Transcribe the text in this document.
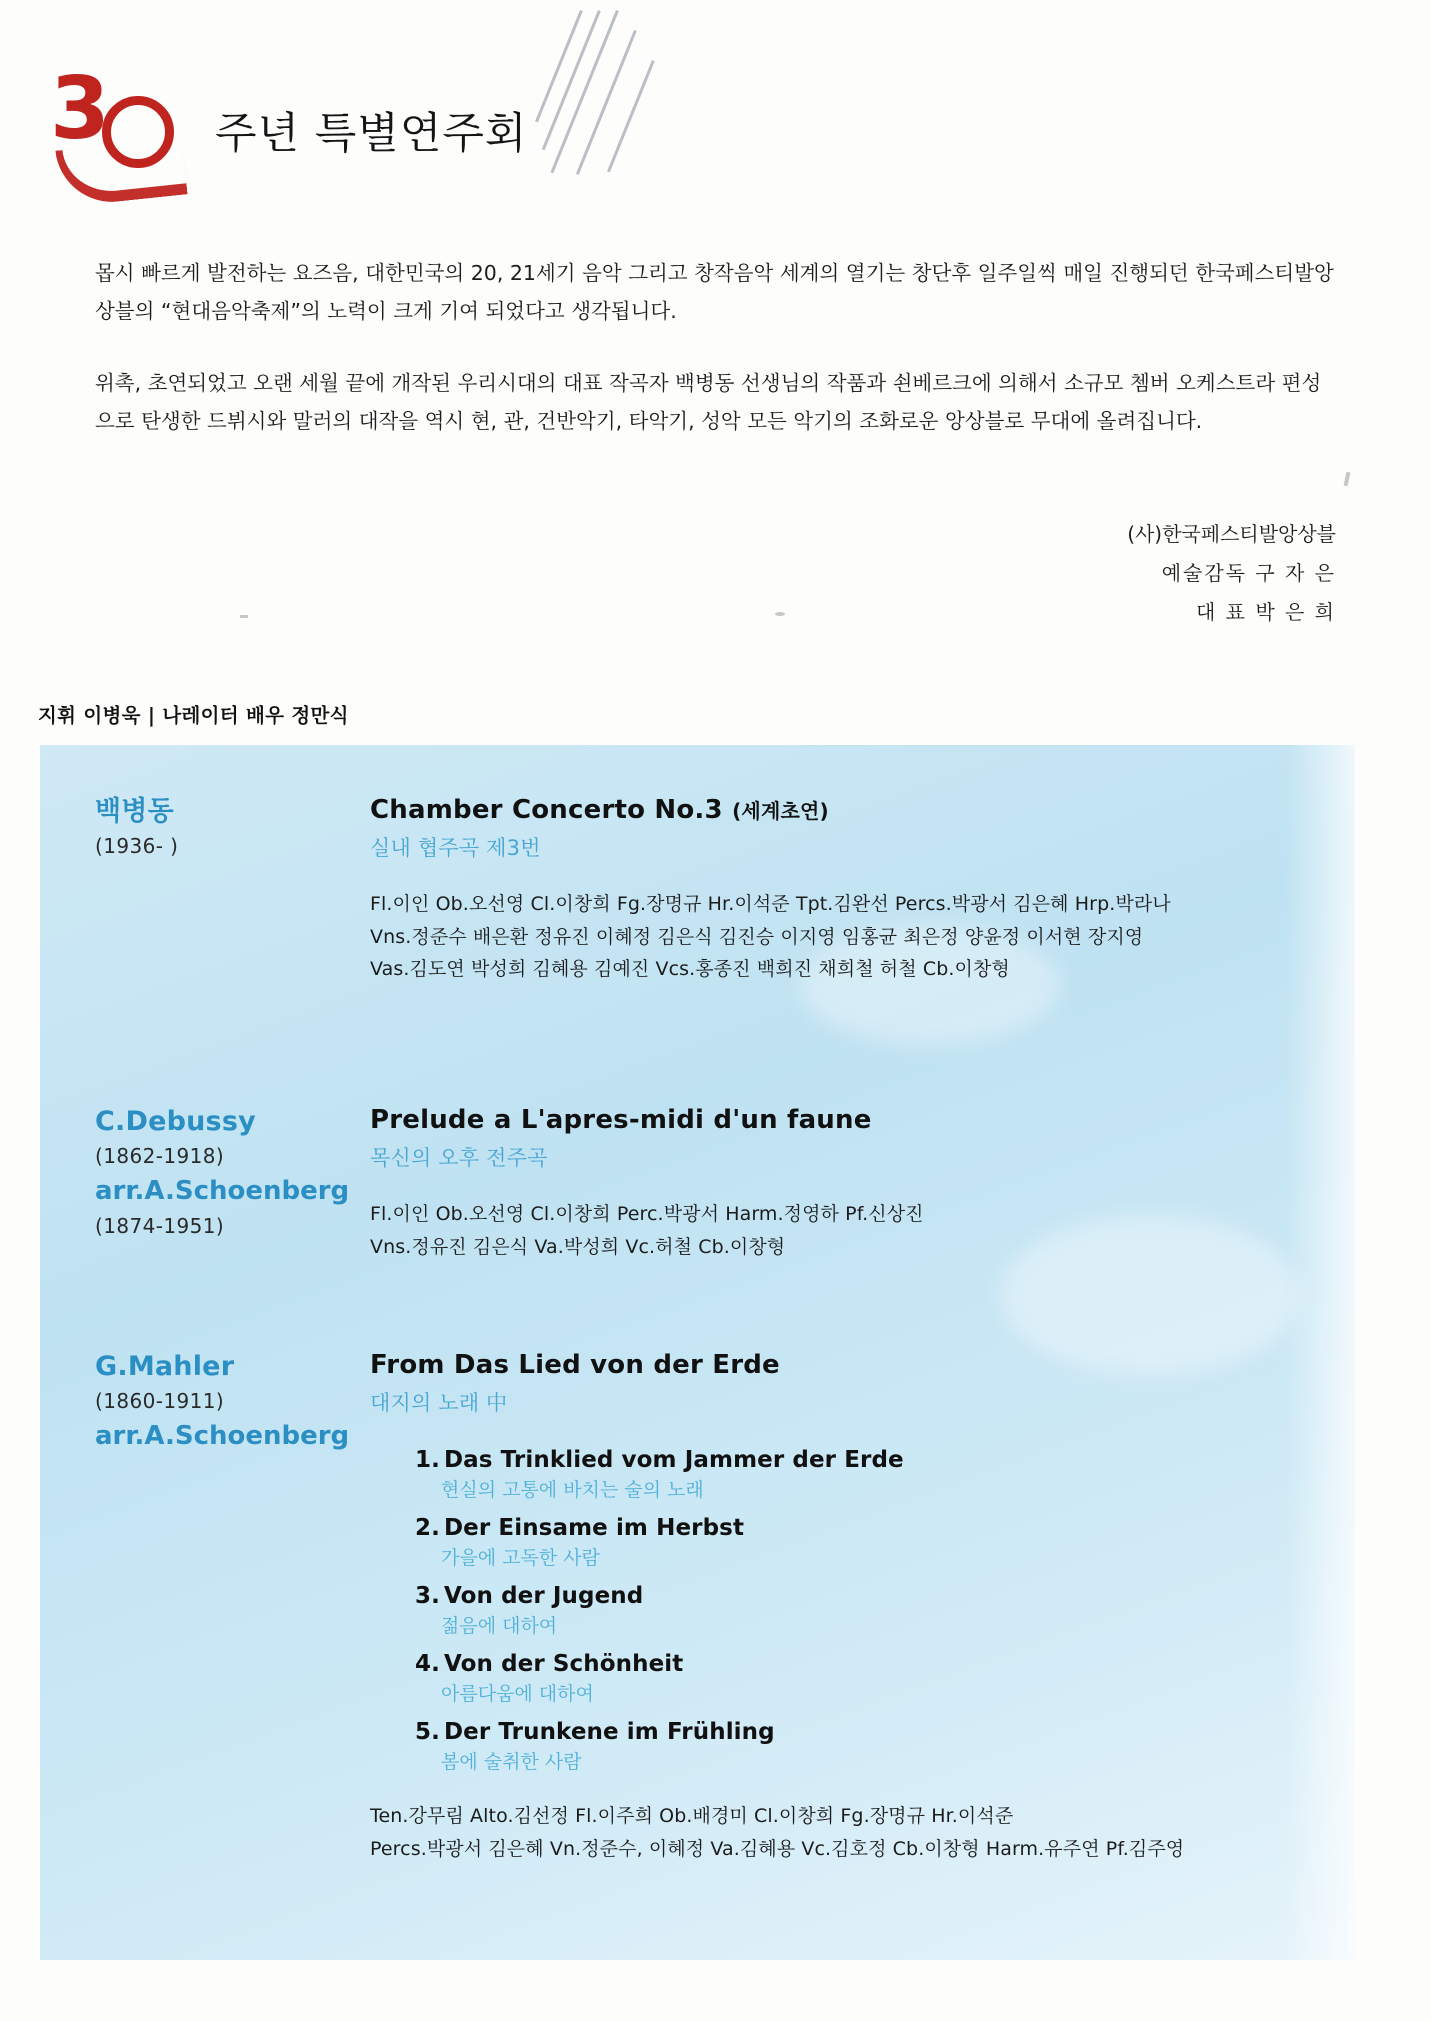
3 주년 특별연주회

몹시 빠르게 발전하는 요즈음, 대한민국의 20, 21세기 음악 그리고 창작음악 세계의 열기는 창단후 일주일씩 매일 진행되던 한국페스티발앙상블의 “현대음악축제”의 노력이 크게 기여 되었다고 생각됩니다.

위촉, 초연되었고 오랜 세월 끝에 개작된 우리시대의 대표 작곡자 백병동 선생님의 작품과 쇤베르크에 의해서 소규모 쳄버 오케스트라 편성으로 탄생한 드뷔시와 말러의 대작을 역시 현, 관, 건반악기, 타악기, 성악 모든 악기의 조화로운 앙상블로 무대에 올려집니다.

(사)한국페스티발앙상블
예술감독 구 자 은
대 표 박 은 희
지휘 이병욱 | 나레이터 배우 정만식
백병동
(1936- )
Chamber Concerto No.3 (세계초연)
실내 협주곡 제3번
Fl.이인 Ob.오선영 Cl.이창희 Fg.장명규 Hr.이석준 Tpt.김완선 Percs.박광서 김은혜 Hrp.박라나
Vns.정준수 배은환 정유진 이혜정 김은식 김진승 이지영 임홍균 최은정 양윤정 이서현 장지영
Vas.김도연 박성희 김혜용 김예진 Vcs.홍종진 백희진 채희철 허철 Cb.이창형
C.Debussy
(1862-1918)
arr.A.Schoenberg
(1874-1951)
Prelude a L'apres-midi d'un faune
목신의 오후 전주곡
Fl.이인 Ob.오선영 Cl.이창희 Perc.박광서 Harm.정영하 Pf.신상진
Vns.정유진 김은식 Va.박성희 Vc.허철 Cb.이창형
G.Mahler
(1860-1911)
arr.A.Schoenberg
From Das Lied von der Erde
대지의 노래 中
1. Das Trinklied vom Jammer der Erde
현실의 고통에 바치는 술의 노래
2. Der Einsame im Herbst
가을에 고독한 사람
3. Von der Jugend
젊음에 대하여
4. Von der Schönheit
아름다움에 대하여
5. Der Trunkene im Frühling
봄에 술취한 사람
Ten.강무림 Alto.김선정 Fl.이주희 Ob.배경미 Cl.이창희 Fg.장명규 Hr.이석준
Percs.박광서 김은혜 Vn.정준수, 이혜정 Va.김혜용 Vc.김호정 Cb.이창형 Harm.유주연 Pf.김주영
